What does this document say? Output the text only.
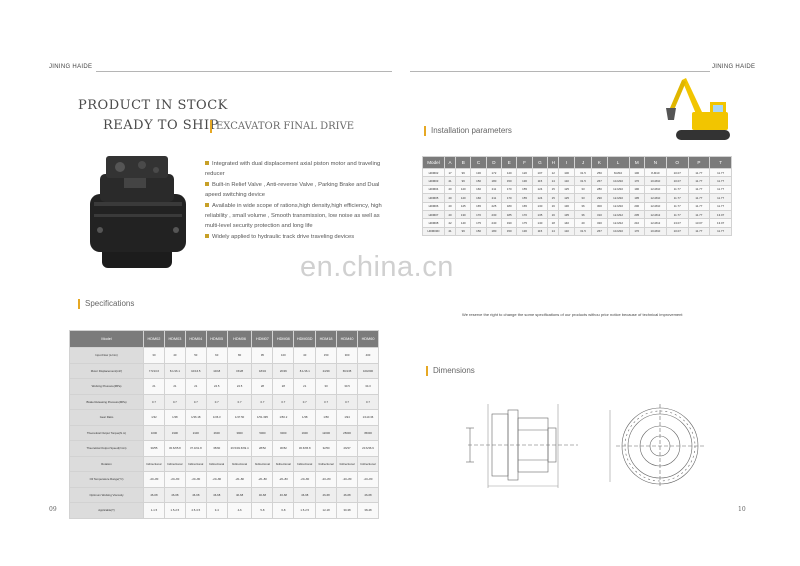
JINING HAIDE	JINING HAIDE
PRODUCT IN STOCK
READY TO SHIP
EXCAVATOR FINAL DRIVE
Integrated with dual displacement axial piston motor and traveling reducer
Built-in Relief Valve , Anti-reverse Valve , Parking Brake and Dual apeed switching device
Available in wide scope of rations,high density,high efficiency, high reliability , small volume , Smooth transmission, low noise as well as multi-level security protection and long life
Widely applied to hydraulic track drive traveling devices
Installation parameters
Model	A	B	C	D	E	F	G	H	I	J	K	L	M	N	O	P	T
HDM02	17	96	130	172	140	120	107	12	100	31.5	250	8-M10	100	8-M10	10.07	11.77	11.77
HDM03	21	96	150	180	150	130	115	14	110	31.5	267	10-M10	170	10-M10	10.07	11.77	11.77
HDM04	20	120	160	211	170	155	124	15	125	33	280	12-M10	190	12-M10	11.77	11.77	11.77
HDM05	20	120	160	211	170	155	124	15	125	33	290	12-M10	195	12-M10	11.77	11.77	11.77
HDM06	20	125	165	225	180	165	130	16	130	36	300	12-M10	200	12-M10	11.77	11.77	11.77
HDM07	20	130	170	230	185	170	135	16	135	36	310	12-M12	205	12-M12	11.77	11.77	13.07
HDM08	22	140	175	240	190	175	140	18	140	40	320	12-M12	210	12-M12	13.07	13.07	13.07
HDM03D	21	96	150	180	150	130	115	14	110	31.5	267	10-M10	170	10-M10	10.07	11.77	11.77
en.china.cn
Specifications
Model	HDM02	HDM03	HDM04	HDM05	HDM06	HDM07	HDM08	HDM03D	HDM18	HDM40	HDM60
Input Flow (L/min)	30	40	50	60	80	95	100	40	150	300	400
Motor Displacement(ml/r)	7.5/13.6	8.1/16.1	10/16.5	10/18	15/28	18/34	20/36	8.1/16.1	24/39	66/135	100/200
Working Pressure(MPa)	21	21	21	24.5	24.5	28	28	21	30	30.5	34.3
Brake Releasing Pressure(MPa)	0.7	0.7	0.7	0.7	0.7	0.7	0.7	0.7	0.7	0.7	0.7
Gear Ratio	1/32	1/38	1/36.18	1/36.3	1/47.50	1/51.395	1/50.2	1/38	1/50	1/94	1/110.36
Theoretical Output Torque(N.m)	1000	1900	2100	2600	3900	5000	6000	1900	12000	25000	35000
Theoretical Output Speed(r/min)	30/55	30.6/65.8	37.4/61.8	35/60	26.5/49.6/69.4	28/52	30/52	30.6/65.8	32/50	26/37	20.6/36.9
Rotation	bidirectional	bidirectional	bidirectional	bidirectional	bidirectional	bidirectional	bidirectional	bidirectional	bidirectional	bidirectional	bidirectional
Oil Temperature Range(°C)	-20~80	-20~80	-20~80	-20~80	-20~80	-20~80	-20~80	-20~80	-20~80	-20~80	-20~80
Optimum Working Viscosity	46-68	46-68	46-68	46-68	46-68	46-68	46-68	46-68	46-68	46-68	46-68
Applicable(T)	1-1.5	1.5-2.5	2.5-3.5	3-4	4-6	5-8	6-8	1.5-2.5	12-18	30-38	38-48
We reserve the right to change the some specifications of our products withou prior notice because of technical improvement
Dimensions
09	10
